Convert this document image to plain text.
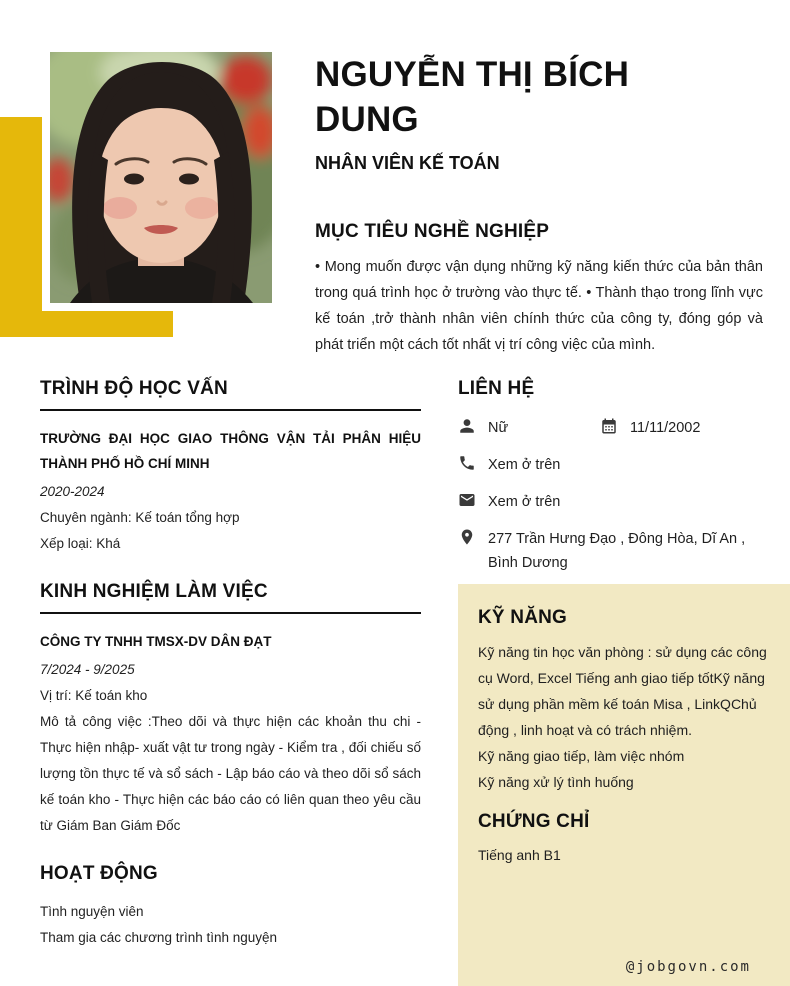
NGUYỄN THỊ BÍCH DUNG
NHÂN VIÊN KẾ TOÁN
MỤC TIÊU NGHỀ NGHIỆP
• Mong muốn được vận dụng những kỹ năng kiến thức của bản thân trong quá trình học ở trường vào thực tế. • Thành thạo trong lĩnh vực kế toán ,trở thành nhân viên chính thức của công ty, đóng góp và phát triển một cách tốt nhất vị trí công việc của mình.
TRÌNH ĐỘ HỌC VẤN
TRƯỜNG ĐẠI HỌC GIAO THÔNG VẬN TẢI PHÂN HIỆU THÀNH PHỐ HỒ CHÍ MINH
2020-2024
Chuyên ngành: Kế toán tổng hợp
Xếp loại: Khá
KINH NGHIỆM LÀM VIỆC
CÔNG TY TNHH TMSX-DV DÂN ĐẠT
7/2024 - 9/2025
Vị trí: Kế toán kho
Mô tả công việc :Theo dõi và thực hiện các khoản thu chi -Thực hiện nhập- xuất vật tư trong ngày - Kiểm tra , đối chiếu số lượng tồn thực tế và sổ sách - Lập báo cáo và theo dõi sổ sách kế toán kho - Thực hiện các báo cáo có liên quan theo yêu cầu từ Giám Ban Giám Đốc
HOẠT ĐỘNG
Tình nguyện viên
Tham gia các chương trình tình nguyện
LIÊN HỆ
Nữ	11/11/2002
Xem ở trên
Xem ở trên
277 Trần Hưng Đạo , Đông Hòa, Dĩ An , Bình Dương
KỸ NĂNG
Kỹ năng tin học văn phòng : sử dụng các công cụ Word, Excel Tiếng anh giao tiếp tốtKỹ năng sử dụng phần mềm kế toán Misa , LinkQChủ động , linh hoạt và có trách nhiệm.
Kỹ năng giao tiếp, làm việc nhóm
Kỹ năng xử lý tình huống
CHỨNG CHỈ
Tiếng anh B1
@jobgovn.com
